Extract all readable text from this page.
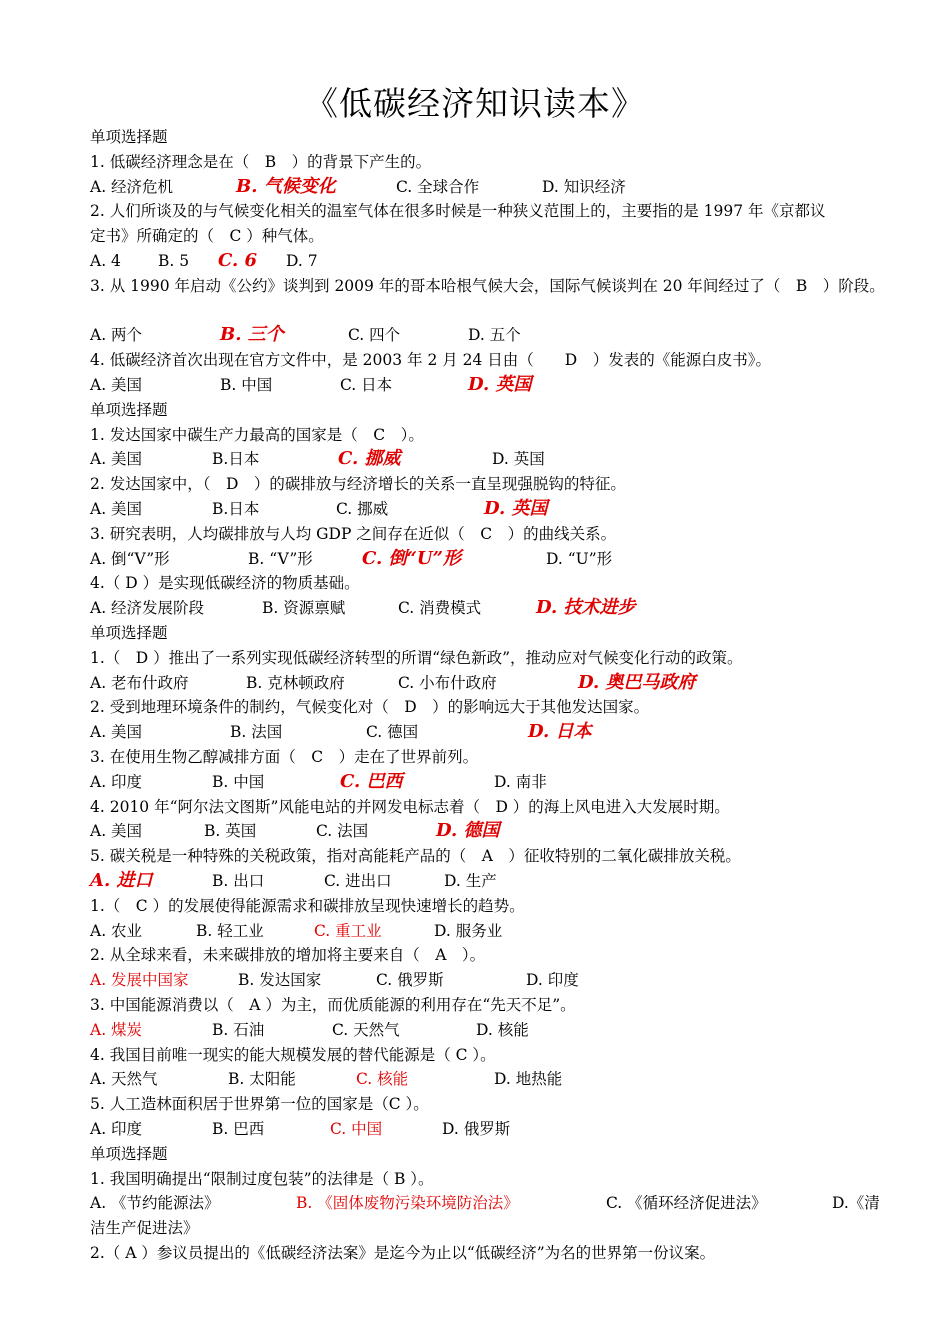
《低碳经济知识读本》
单项选择题
1. 低碳经济理念是在（　B　）的背景下产生的。
A. 经济危机	B. 气候变化	C. 全球合作	D. 知识经济
2. 人们所谈及的与气候变化相关的温室气体在很多时候是一种狭义范围上的，主要指的是 1997 年《京都议
定书》所确定的（　C ）种气体。
A. 4 B. 5 C. 6 D. 7
3. 从 1990 年启动《公约》谈判到 2009 年的哥本哈根气候大会，国际气候谈判在 20 年间经过了（　B　）阶段。
A. 两个	B. 三个	C. 四个	D. 五个
4. 低碳经济首次出现在官方文件中，是 2003 年 2 月 24 日由（　　D　）发表的《能源白皮书》。
A. 美国	B. 中国	C. 日本	D. 英国
单项选择题
1. 发达国家中碳生产力最高的国家是（　C　）。
A. 美国	B.日本	C. 挪威	D. 英国
2. 发达国家中，（　D　）的碳排放与经济增长的关系一直呈现强脱钩的特征。
A. 美国	B.日本	C. 挪威	D. 英国
3. 研究表明，人均碳排放与人均 GDP 之间存在近似（　C　）的曲线关系。
A. 倒“V”形	B. “V”形	C. 倒“U”形	D. “U”形
4.（ D ）是实现低碳经济的物质基础。
A. 经济发展阶段	B. 资源禀赋	C. 消费模式	D. 技术进步
单项选择题
1.（　D ）推出了一系列实现低碳经济转型的所谓“绿色新政”，推动应对气候变化行动的政策。
A. 老布什政府	B. 克林顿政府	C. 小布什政府	D. 奥巴马政府
2. 受到地理环境条件的制约，气候变化对（　D　）的影响远大于其他发达国家。
A. 美国	B. 法国	C. 德国	D. 日本
3. 在使用生物乙醇减排方面（　C　）走在了世界前列。
A. 印度	B. 中国	C. 巴西	D. 南非
4. 2010 年“阿尔法文图斯”风能电站的并网发电标志着（　D ）的海上风电进入大发展时期。
A. 美国	B. 英国	C. 法国	D. 德国
5. 碳关税是一种特殊的关税政策，指对高能耗产品的（　A　）征收特别的二氧化碳排放关税。
A. 进口	B. 出口	C. 进出口	D. 生产
1.（　C ）的发展使得能源需求和碳排放呈现快速增长的趋势。
A. 农业	B. 轻工业	C. 重工业	D. 服务业
2. 从全球来看，未来碳排放的增加将主要来自（　A　）。
A. 发展中国家	B. 发达国家	C. 俄罗斯	D. 印度
3. 中国能源消费以（　A ）为主，而优质能源的利用存在“先天不足”。
A. 煤炭	B. 石油	C. 天然气	D. 核能
4. 我国目前唯一现实的能大规模发展的替代能源是（ C ）。
A. 天然气	B. 太阳能	C. 核能	D. 地热能
5. 人工造林面积居于世界第一位的国家是（C ）。
A. 印度	B. 巴西	C. 中国	D. 俄罗斯
单项选择题
1. 我国明确提出“限制过度包装”的法律是（ B ）。
A. 《节约能源法》	B. 《固体废物污染环境防治法》	C. 《循环经济促进法》	D.《清
洁生产促进法》
2.（ A ）参议员提出的《低碳经济法案》是迄今为止以“低碳经济”为名的世界第一份议案。
